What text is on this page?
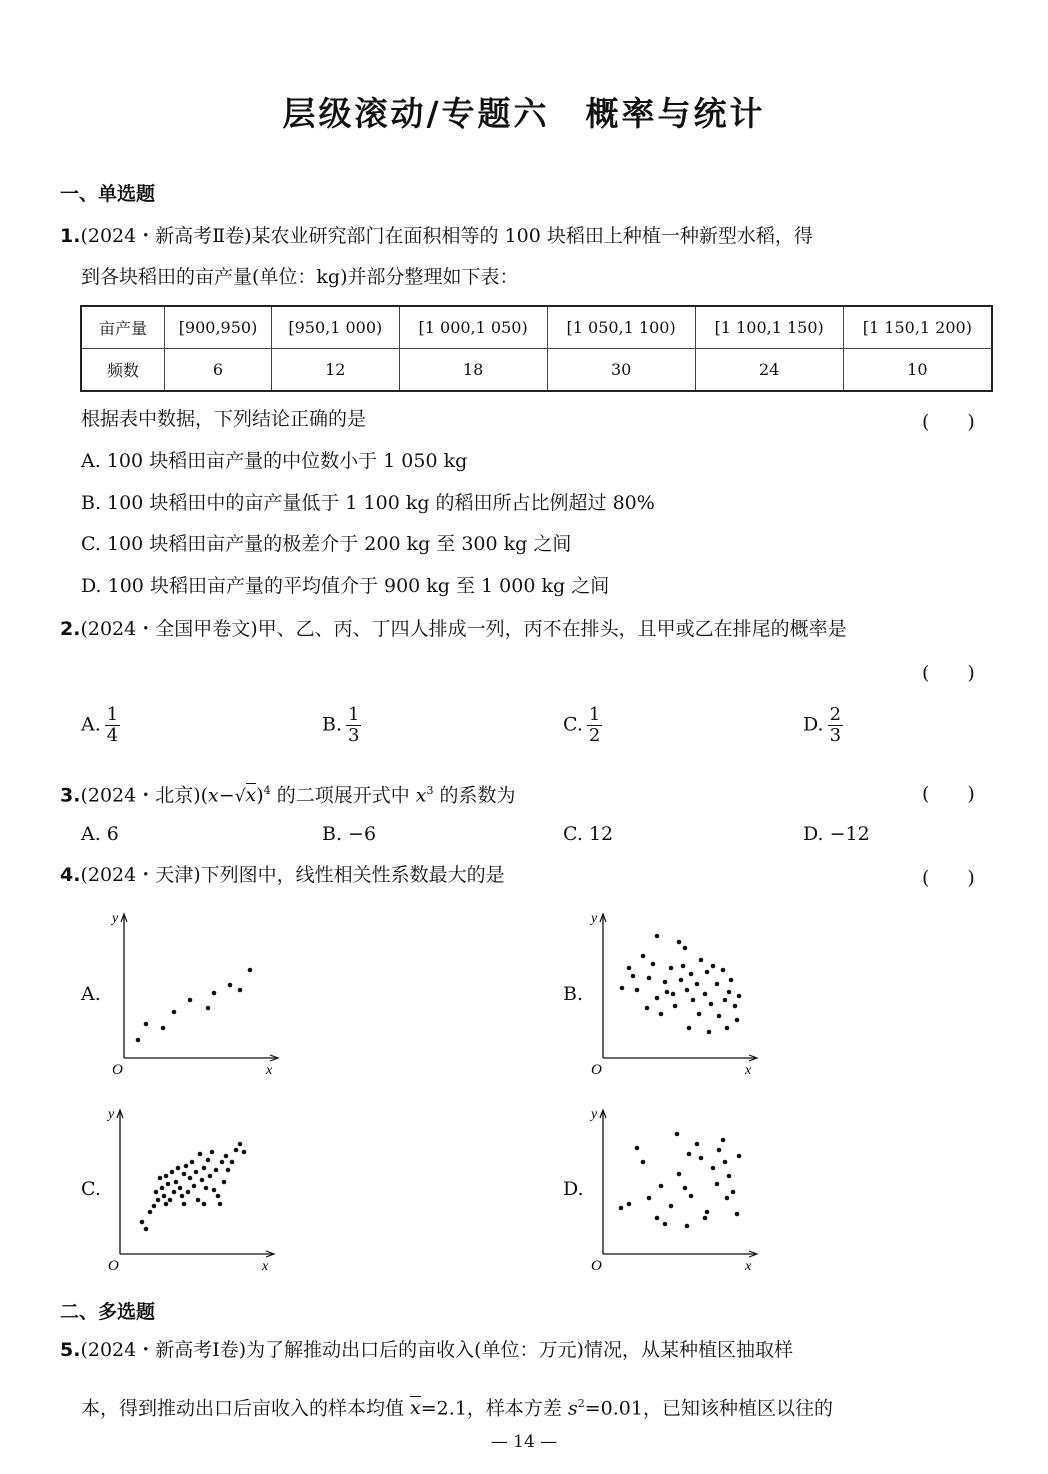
层级滚动/专题六　概率与统计
一、单选题
1.(2024・新高考Ⅱ卷)某农业研究部门在面积相等的 100 块稻田上种植一种新型水稻，得
到各块稻田的亩产量(单位：kg)并部分整理如下表：
亩产量	[900,950)	[950,1 000)	[1 000,1 050)	[1 050,1 100)	[1 100,1 150)	[1 150,1 200)
频数	6	12	18	30	24	10
根据表中数据，下列结论正确的是	(　　)
A. 100 块稻田亩产量的中位数小于 1 050 kg
B. 100 块稻田中的亩产量低于 1 100 kg 的稻田所占比例超过 80%
C. 100 块稻田亩产量的极差介于 200 kg 至 300 kg 之间
D. 100 块稻田亩产量的平均值介于 900 kg 至 1 000 kg 之间
2.(2024・全国甲卷文)甲、乙、丙、丁四人排成一列，丙不在排头，且甲或乙在排尾的概率是
(　　)
A. $\frac{1}{4}$	B. $\frac{1}{3}$	C. $\frac{1}{2}$	D. $\frac{2}{3}$
3.(2024・北京)$(x-√x)^4$ 的二项展开式中 $x^3$ 的系数为	(　　)
A. 6	B. −6	C. 12	D. −12
4.(2024・天津)下列图中，线性相关性系数最大的是	(　　)
A.
O	x
y
B.
O	x
y
C.
O	x
y
D.
O	x
y
二、多选题
5.(2024・新高考Ⅰ卷)为了解推动出口后的亩收入(单位：万元)情况，从某种植区抽取样
本，得到推动出口后亩收入的样本均值 x=2.1，样本方差 $s^2=0.01$，已知该种植区以往的
— 14 —
